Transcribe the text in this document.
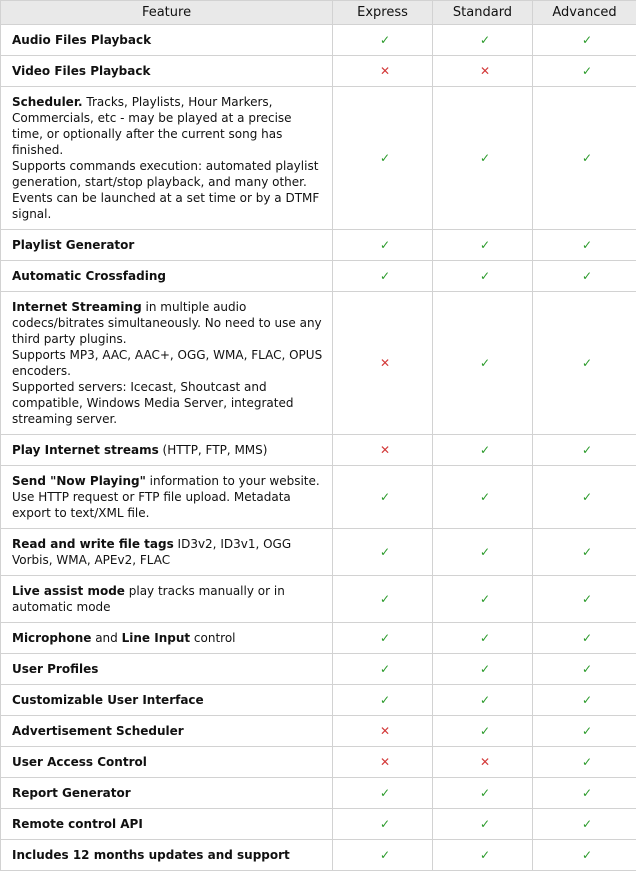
Feature	Express	Standard	Advanced
Audio Files Playback	✓	✓	✓
Video Files Playback	✕	✕	✓
Scheduler. Tracks, Playlists, Hour Markers, Commercials, etc - may be played at a precise time, or optionally after the current song has finished.
Supports commands execution: automated playlist generation, start/stop playback, and many other.
Events can be launched at a set time or by a DTMF signal.	✓	✓	✓
Playlist Generator	✓	✓	✓
Automatic Crossfading	✓	✓	✓
Internet Streaming in multiple audio codecs/bitrates simultaneously. No need to use any third party plugins.
Supports MP3, AAC, AAC+, OGG, WMA, FLAC, OPUS encoders.
Supported servers: Icecast, Shoutcast and compatible, Windows Media Server, integrated streaming server.	✕	✓	✓
Play Internet streams (HTTP, FTP, MMS)	✕	✓	✓
Send "Now Playing" information to your website. Use HTTP request or FTP file upload. Metadata export to text/XML file.	✓	✓	✓
Read and write file tags ID3v2, ID3v1, OGG Vorbis, WMA, APEv2, FLAC	✓	✓	✓
Live assist mode play tracks manually or in automatic mode	✓	✓	✓
Microphone and Line Input control	✓	✓	✓
User Profiles	✓	✓	✓
Customizable User Interface	✓	✓	✓
Advertisement Scheduler	✕	✓	✓
User Access Control	✕	✕	✓
Report Generator	✓	✓	✓
Remote control API	✓	✓	✓
Includes 12 months updates and support	✓	✓	✓
